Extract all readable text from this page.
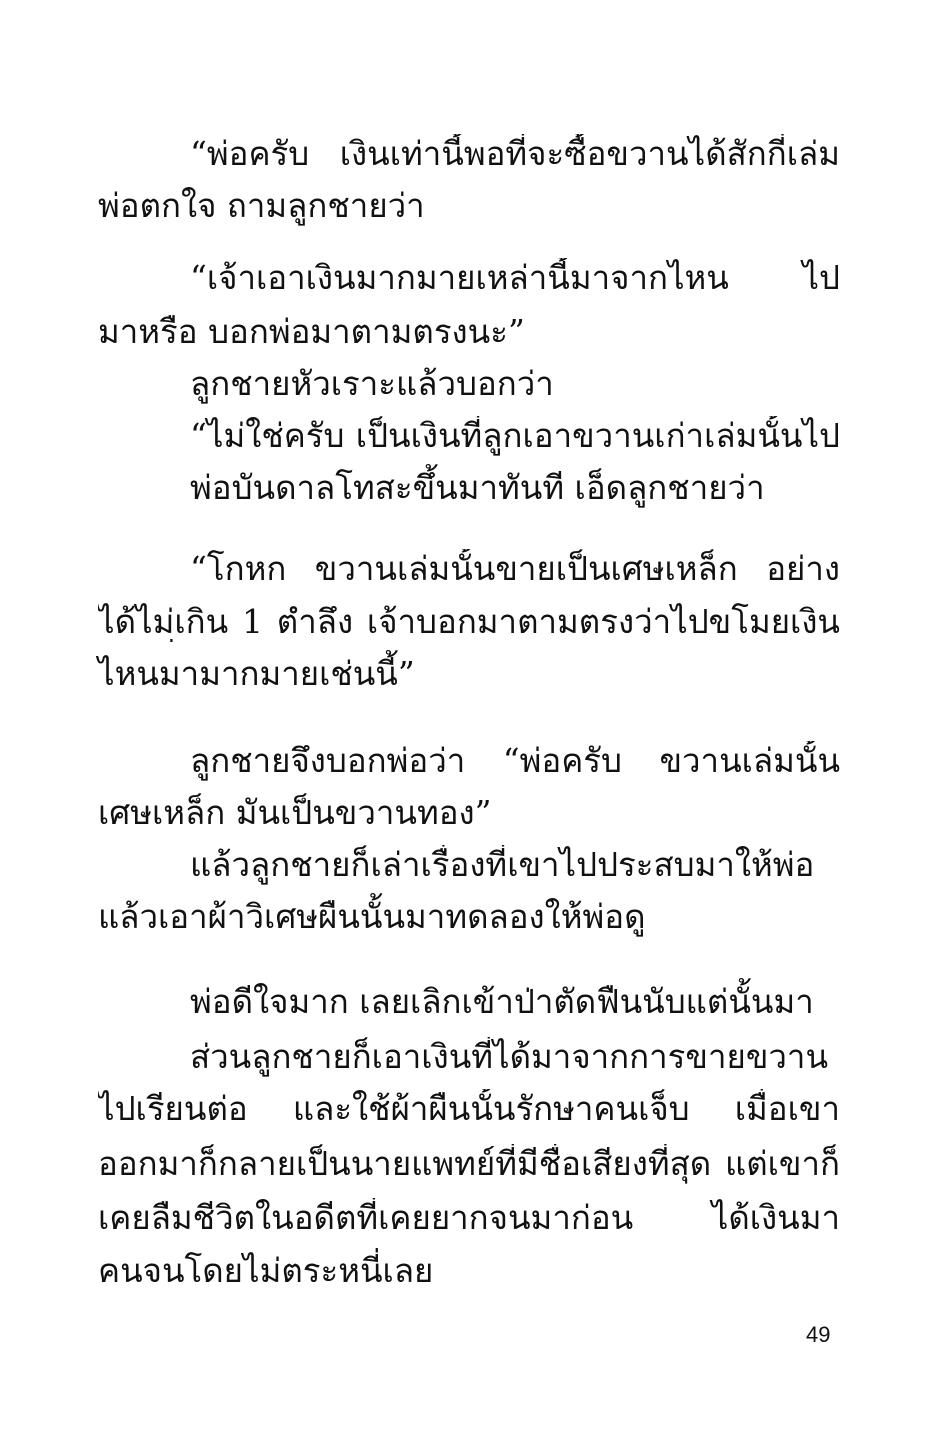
“พ่อครับ เงินเท่านี้พอที่จะซื้อขวานได้สักกี่เล่ม
พ่อตกใจ ถามลูกชายว่า
“เจ้าเอาเงินมากมายเหล่านี้มาจากไหน ไป
มาหรือ บอกพ่อมาตามตรงนะ”
ลูกชายหัวเราะแล้วบอกว่า
“ไม่ใช่ครับ เป็นเงินที่ลูกเอาขวานเก่าเล่มนั้นไป
พ่อบันดาลโทสะขึ้นมาทันที เอ็ดลูกชายว่า
“โกหก ขวานเล่มนั้นขายเป็นเศษเหล็ก อย่าง
ได้ไม่เกิน 1 ตำลึง เจ้าบอกมาตามตรงว่าไปขโมยเงิน
ไหนมามากมายเช่นนี้”
ลูกชายจึงบอกพ่อว่า “พ่อครับ ขวานเล่มนั้น
เศษเหล็ก มันเป็นขวานทอง”
แล้วลูกชายก็เล่าเรื่องที่เขาไปประสบมาให้พ่อ
แล้วเอาผ้าวิเศษผืนนั้นมาทดลองให้พ่อดู
พ่อดีใจมาก เลยเลิกเข้าป่าตัดฟืนนับแต่นั้นมา
ส่วนลูกชายก็เอาเงินที่ได้มาจากการขายขวาน
ไปเรียนต่อ และใช้ผ้าผืนนั้นรักษาคนเจ็บ เมื่อเขา
ออกมาก็กลายเป็นนายแพทย์ที่มีชื่อเสียงที่สุด แต่เขาก็
เคยลืมชีวิตในอดีตที่เคยยากจนมาก่อน ได้เงินมา
คนจนโดยไม่ตระหนี่เลย
49
